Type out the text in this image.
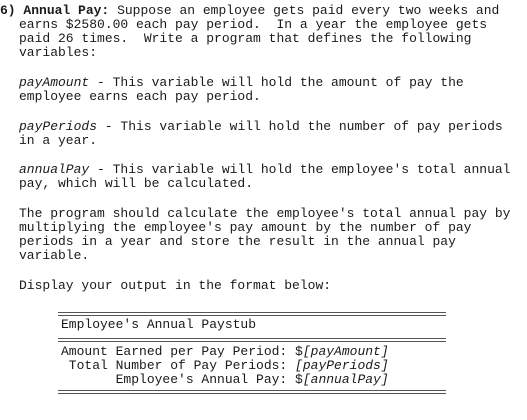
6) Annual Pay: Suppose an employee gets paid every two weeks and
earns $2580.00 each pay period.  In a year the employee gets
paid 26 times.  Write a program that defines the following
variables:
payAmount - This variable will hold the amount of pay the
employee earns each pay period.
payPeriods - This variable will hold the number of pay periods
in a year.
annualPay - This variable will hold the employee's total annual
pay, which will be calculated.
The program should calculate the employee's total annual pay by
multiplying the employee's pay amount by the number of pay
periods in a year and store the result in the annual pay
variable.
Display your output in the format below:
Employee's Annual Paystub
Amount Earned per Pay Period: $[payAmount]
Total Number of Pay Periods: [payPeriods]
Employee's Annual Pay: $[annualPay]
